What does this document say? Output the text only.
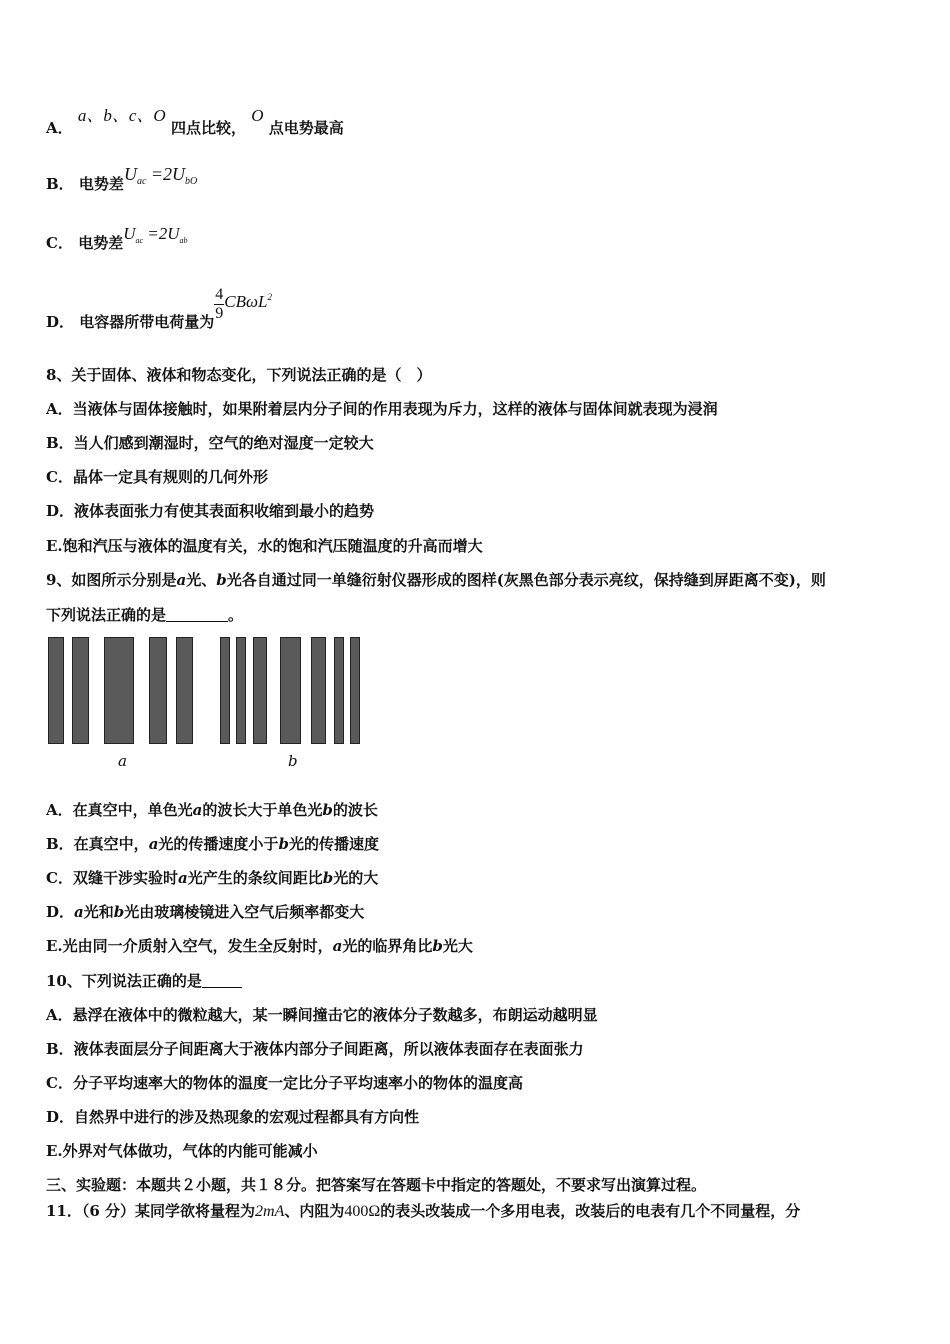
A． a、b、c、O 四点比较， O 点电势最高
B． 电势差$U_{ac} =2U_{bO}$
C． 电势差$U_{ac} =2U_{ab}$
D． 电容器所带电荷量为 $\frac{4}{9} CB\omega L^2$
8、关于固体、液体和物态变化，下列说法正确的是（　）
A．当液体与固体接触时，如果附着层内分子间的作用表现为斥力，这样的液体与固体间就表现为浸润
B．当人们感到潮湿时，空气的绝对湿度一定较大
C．晶体一定具有规则的几何外形
D．液体表面张力有使其表面积收缩到最小的趋势
E.饱和汽压与液体的温度有关，水的饱和汽压随温度的升高而增大
9、如图所示分别是a光、b光各自通过同一单缝衍射仪器形成的图样(灰黑色部分表示亮纹，保持缝到屏距离不变)，则
下列说法正确的是	。
a	b
A．在真空中，单色光a的波长大于单色光b的波长
B．在真空中，a光的传播速度小于b光的传播速度
C．双缝干涉实验时a光产生的条纹间距比b光的大
D．a光和b光由玻璃棱镜进入空气后频率都变大
E.光由同一介质射入空气，发生全反射时，a光的临界角比b光大
10、下列说法正确的是
A．悬浮在液体中的微粒越大，某一瞬间撞击它的液体分子数越多，布朗运动越明显
B．液体表面层分子间距离大于液体内部分子间距离，所以液体表面存在表面张力
C．分子平均速率大的物体的温度一定比分子平均速率小的物体的温度高
D．自然界中进行的涉及热现象的宏观过程都具有方向性
E.外界对气体做功，气体的内能可能减小
三、实验题：本题共２小题，共１８分。把答案写在答题卡中指定的答题处，不要求写出演算过程。
11．（6 分）某同学欲将量程为2mA、内阻为400Ω的表头改装成一个多用电表，改装后的电表有几个不同量程，分
